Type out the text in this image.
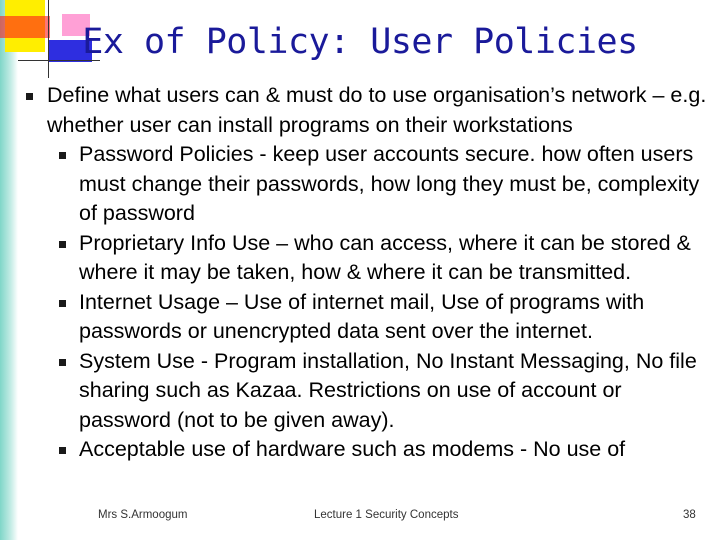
Ex of Policy: User Policies
Define what users can & must do to use organisation’s network – e.g. whether user can install programs on their workstations
Password Policies - keep user accounts secure. how often users must change their passwords, how long they must be, complexity of password
Proprietary Info Use – who can access, where it can be stored & where it may be taken, how & where it can be transmitted.
Internet Usage – Use of internet mail, Use of programs with passwords or unencrypted data sent over the internet.
System Use - Program installation, No Instant Messaging, No file sharing such as Kazaa. Restrictions on use of account or password (not to be given away).
Acceptable use of hardware such as modems - No use of
Mrs S.Armoogum	Lecture 1 Security Concepts	38
